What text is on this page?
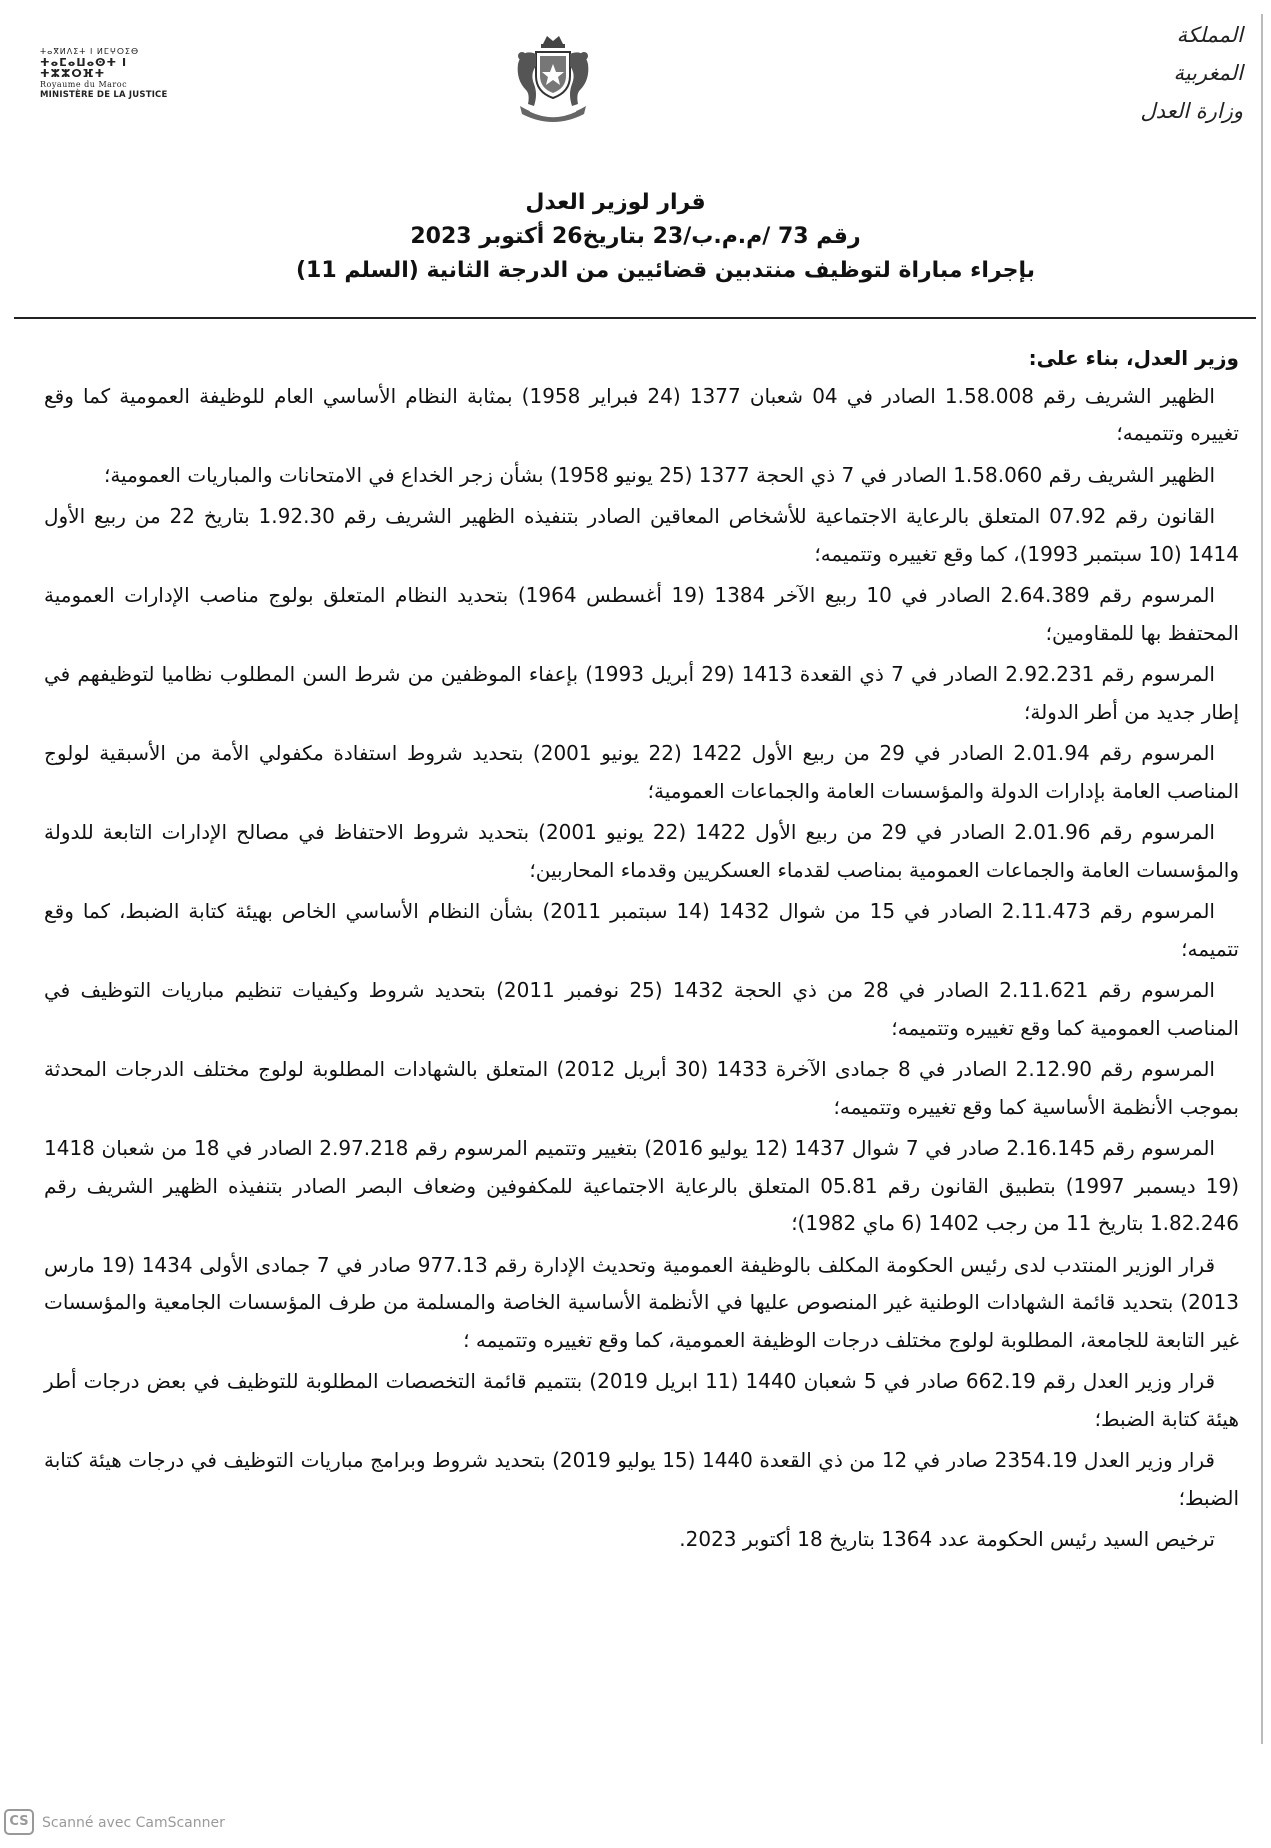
ⵜⴰⴳⵍⴷⵉⵜ ⵏ ⵍⵎⵖⵔⵉⴱ
ⵜⴰⵎⴰⵡⴰⵙⵜ ⵏ ⵜⵣⵣⵔⴼⵜ
Royaume du Maroc
MINISTÈRE DE LA JUSTICE
المملكة المغربية
وزارة العدل
قرار لوزير العدل
رقم 73 /م.م.ب/23 بتاريخ26 أكتوبر 2023
بإجراء مباراة لتوظيف منتدبين قضائيين من الدرجة الثانية (السلم 11)
وزير العدل، بناء على:

الظهير الشريف رقم 1.58.008 الصادر في 04 شعبان 1377 (24 فبراير 1958) بمثابة النظام الأساسي العام للوظيفة العمومية كما وقع تغييره وتتميمه؛

الظهير الشريف رقم 1.58.060 الصادر في 7 ذي الحجة 1377 (25 يونيو 1958) بشأن زجر الخداع في الامتحانات والمباريات العمومية؛

القانون رقم 07.92 المتعلق بالرعاية الاجتماعية للأشخاص المعاقين الصادر بتنفيذه الظهير الشريف رقم 1.92.30 بتاريخ 22 من ربيع الأول 1414 (10 سبتمبر 1993)، كما وقع تغييره وتتميمه؛

المرسوم رقم 2.64.389 الصادر في 10 ربيع الآخر 1384 (19 أغسطس 1964) بتحديد النظام المتعلق بولوج مناصب الإدارات العمومية المحتفظ بها للمقاومين؛

المرسوم رقم 2.92.231 الصادر في 7 ذي القعدة 1413 (29 أبريل 1993) بإعفاء الموظفين من شرط السن المطلوب نظاميا لتوظيفهم في إطار جديد من أطر الدولة؛

المرسوم رقم 2.01.94 الصادر في 29 من ربيع الأول 1422 (22 يونيو 2001) بتحديد شروط استفادة مكفولي الأمة من الأسبقية لولوج المناصب العامة بإدارات الدولة والمؤسسات العامة والجماعات العمومية؛

المرسوم رقم 2.01.96 الصادر في 29 من ربيع الأول 1422 (22 يونيو 2001) بتحديد شروط الاحتفاظ في مصالح الإدارات التابعة للدولة والمؤسسات العامة والجماعات العمومية بمناصب لقدماء العسكريين وقدماء المحاربين؛

المرسوم رقم 2.11.473 الصادر في 15 من شوال 1432 (14 سبتمبر 2011) بشأن النظام الأساسي الخاص بهيئة كتابة الضبط، كما وقع تتميمه؛

المرسوم رقم 2.11.621 الصادر في 28 من ذي الحجة 1432 (25 نوفمبر 2011) بتحديد شروط وكيفيات تنظيم مباريات التوظيف في المناصب العمومية كما وقع تغييره وتتميمه؛

المرسوم رقم 2.12.90 الصادر في 8 جمادى الآخرة 1433 (30 أبريل 2012) المتعلق بالشهادات المطلوبة لولوج مختلف الدرجات المحدثة بموجب الأنظمة الأساسية كما وقع تغييره وتتميمه؛

المرسوم رقم 2.16.145 صادر في 7 شوال 1437 (12 يوليو 2016) بتغيير وتتميم المرسوم رقم 2.97.218 الصادر في 18 من شعبان 1418 (19 ديسمبر 1997) بتطبيق القانون رقم 05.81 المتعلق بالرعاية الاجتماعية للمكفوفين وضعاف البصر الصادر بتنفيذه الظهير الشريف رقم 1.82.246 بتاريخ 11 من رجب 1402 (6 ماي 1982)؛

قرار الوزير المنتدب لدى رئيس الحكومة المكلف بالوظيفة العمومية وتحديث الإدارة رقم 977.13 صادر في 7 جمادى الأولى 1434 (19 مارس 2013) بتحديد قائمة الشهادات الوطنية غير المنصوص عليها في الأنظمة الأساسية الخاصة والمسلمة من طرف المؤسسات الجامعية والمؤسسات غير التابعة للجامعة، المطلوبة لولوج مختلف درجات الوظيفة العمومية، كما وقع تغييره وتتميمه ؛

قرار وزير العدل رقم 662.19 صادر في 5 شعبان 1440 (11 ابريل 2019) بتتميم قائمة التخصصات المطلوبة للتوظيف في بعض درجات أطر هيئة كتابة الضبط؛

قرار وزير العدل 2354.19 صادر في 12 من ذي القعدة 1440 (15 يوليو 2019) بتحديد شروط وبرامج مباريات التوظيف في درجات هيئة كتابة الضبط؛

ترخيص السيد رئيس الحكومة عدد 1364 بتاريخ 18 أكتوبر 2023.

CS Scanné avec CamScanner
